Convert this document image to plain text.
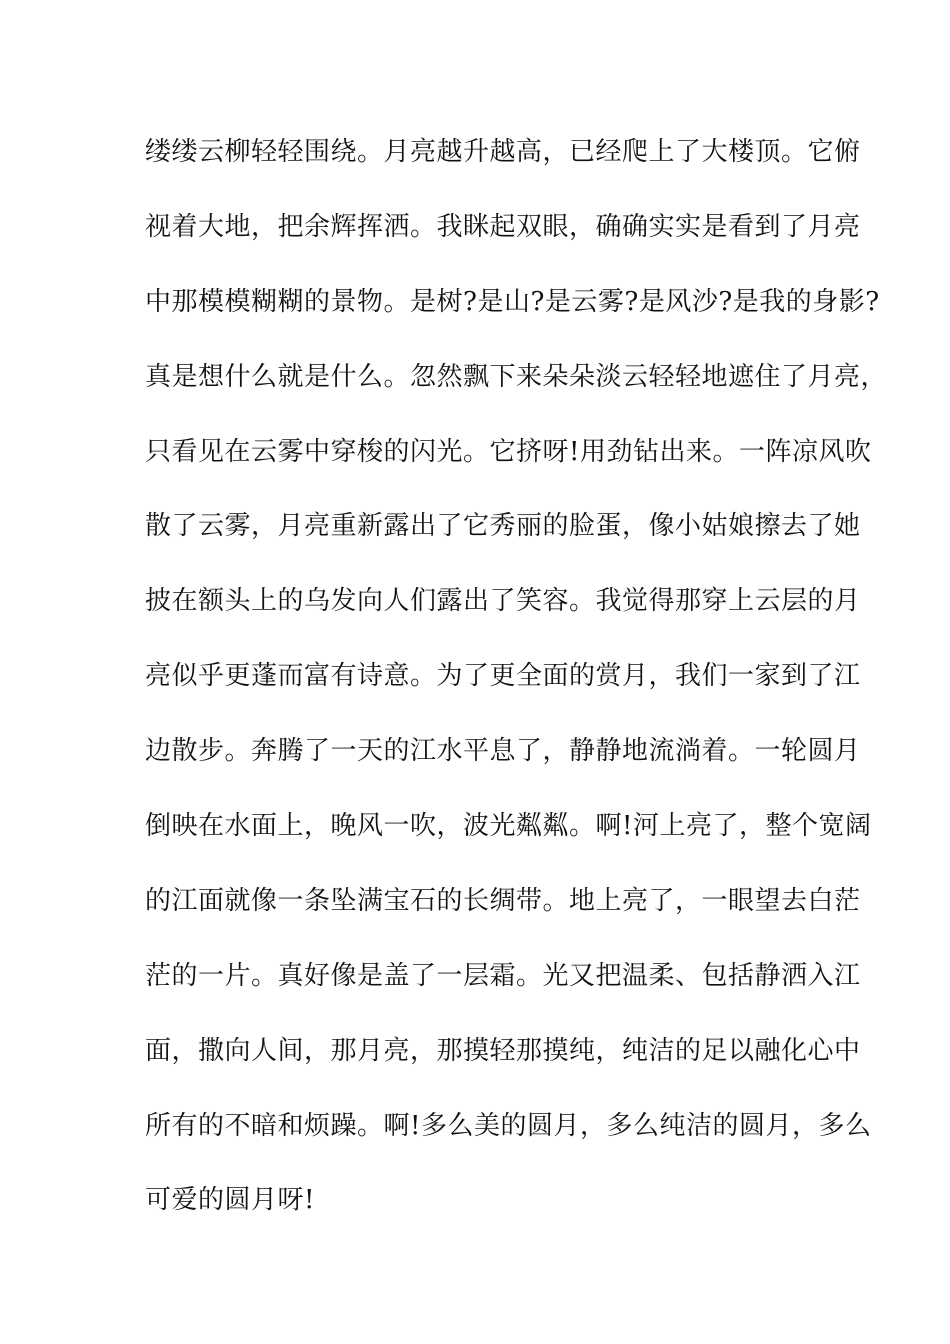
缕缕云柳轻轻围绕。月亮越升越高，已经爬上了大楼顶。它俯
视着大地，把余辉挥洒。我眯起双眼，确确实实是看到了月亮
中那模模糊糊的景物。是树?是山?是云雾?是风沙?是我的身影?
真是想什么就是什么。忽然飘下来朵朵淡云轻轻地遮住了月亮，
只看见在云雾中穿梭的闪光。它挤呀!用劲钻出来。一阵凉风吹
散了云雾，月亮重新露出了它秀丽的脸蛋，像小姑娘擦去了她
披在额头上的乌发向人们露出了笑容。我觉得那穿上云层的月
亮似乎更蓬而富有诗意。为了更全面的赏月，我们一家到了江
边散步。奔腾了一天的江水平息了，静静地流淌着。一轮圆月
倒映在水面上，晚风一吹，波光粼粼。啊!河上亮了，整个宽阔
的江面就像一条坠满宝石的长绸带。地上亮了，一眼望去白茫
茫的一片。真好像是盖了一层霜。光又把温柔、包括静洒入江
面，撒向人间，那月亮，那摸轻那摸纯，纯洁的足以融化心中
所有的不暗和烦躁。啊!多么美的圆月，多么纯洁的圆月，多么
可爱的圆月呀!
